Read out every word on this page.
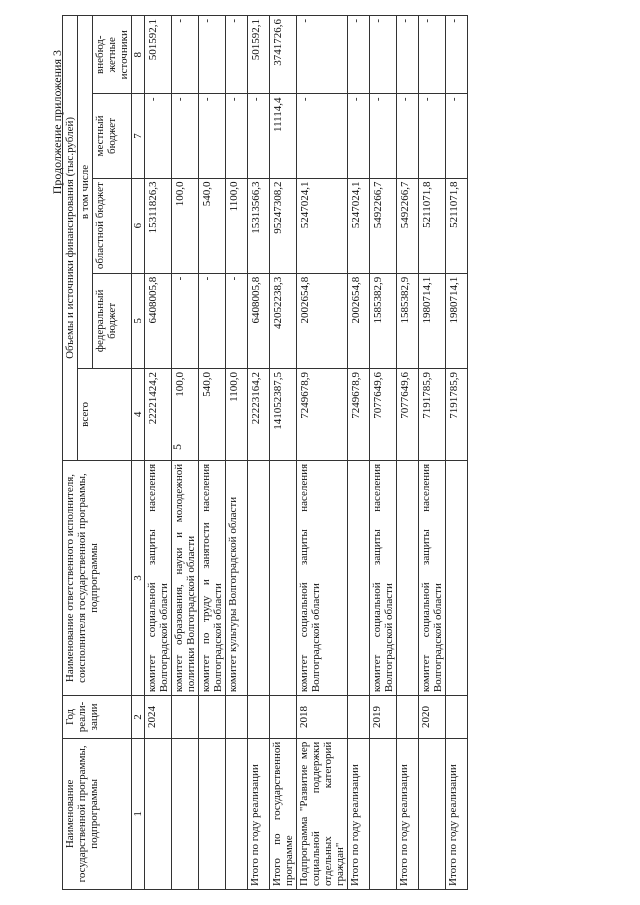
5
Продолжение приложения 3
Наименование государственной программы, подпрограммы	Год реали-зации	Наименование ответственного исполнителя, соисполнителя государственной программы, подпрограммы	Объемы и источники финансирования (тыс.рублей)				
			всего	в том числе			
				федеральный бюджет	областной бюджет	местный бюджет	внебюд-жетные источники
1	2	3	4	5	6	7	8
	2024	комитет социальной защиты населения Волгоградской области	22221424,2	6408005,8	15311826,3	-	501592,1
		комитет образования, науки и молодежной политики Волгоградской области	100,0	-	100,0	-	-
		комитет по труду и занятости населения Волгоградской области	540,0	-	540,0	-	-
		комитет культуры Волгоградской области	1100,0	-	1100,0	-	-
Итого по году реализации			22223164,2	6408005,8	15313566,3	-	501592,1
Итого по государственной программе			141052387,5	42052238,3	95247308,2	11114,4	3741726,6
Подпрограмма "Развитие мер социальной поддержки отдельных категорий граждан"	2018	комитет социальной защиты населения Волгоградской области	7249678,9	2002654,8	5247024,1	-	-
Итого по году реализации			7249678,9	2002654,8	5247024,1	-	-
	2019	комитет социальной защиты населения Волгоградской области	7077649,6	1585382,9	5492266,7	-	-
Итого по году реализации			7077649,6	1585382,9	5492266,7	-	-
	2020	комитет социальной защиты населения Волгоградской области	7191785,9	1980714,1	5211071,8	-	-
Итого по году реализации			7191785,9	1980714,1	5211071,8	-	-
